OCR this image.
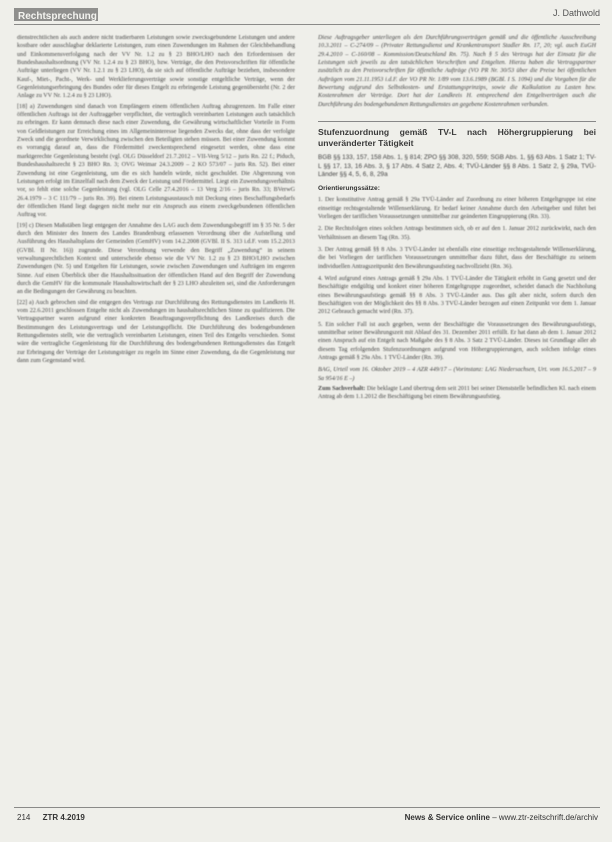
Rechtsprechung	J. Dathwold

dienstrechtlichen als auch andere nicht tradierbaren Leistungen sowie zwecksgebundene Leistungen und andere kostbare oder ausschlagbar deklarierte Leistungen, zum einen Zuwendungen im Rahmen der Gleichbehandlung und Einkommensverfolgung nach der VV Nr. 1.2 zu § 23 BHO/LHO nach den Erfordernissen der Bundeshaushaltsordnung (VV Nr. 1.2.4 zu § 23 BHO), bzw. Verträge, die den Preisvorschriften für öffentliche Aufträge unterliegen (VV Nr. 1.2.1 zu § 23 LHO), da sie sich auf öffentliche Aufträge beziehen, insbesondere Kauf-, Miet-, Pacht-, Werk- und Werklieferungsverträge sowie sonstige entgeltliche Verträge, wenn der Gegenleistungserbringung des Bundes oder für dieses Entgelt zu erbringende Leistung gegenübersteht (Nr. 2 der Anlage zu VV Nr. 1.2.4 zu § 23 LHO).

[18] a) Zuwendungen sind danach von Empfängern einem öffentlichen Auftrag abzugrenzen. Im Falle einer öffentlichen Auftrags ist der Auftraggeber verpflichtet, die vertraglich vereinbarten Leistungen auch tatsächlich zu erbringen. Er kann demnach diese nach einer Zuwendung, die Gewährung wirtschaftlicher Vorteile in Form von Geldleistungen zur Erreichung eines im Allgemeininteresse liegenden Zwecks dar, ohne dass der verfolgte Zweck und die geordnete Verwirklichung zwischen den Beteiligten stehen müssen. Bei einer Zuwendung kommt es vorrangig darauf an, dass die Fördermittel zweckentsprechend eingesetzt werden, ohne dass eine marktgerechte Gegenleistung besteht (vgl. OLG Düsseldorf 21.7.2012 – VII-Verg 5/12 – juris Rn. 22 f.; Piduch, Bundeshaushaltsrecht § 23 BHO Rn. 3; OVG Weimar 24.3.2009 – 2 KO 573/07 – juris Rn. 52). Bei einer Zuwendung ist eine Gegenleistung, um die es sich handeln würde, nicht geschuldet. Die Abgrenzung von Leistungen erfolgt im Einzelfall nach dem Zweck der Leistung und Fördermittel. Liegt ein Zuwendungsverhältnis vor, so fehlt eine solche Gegenleistung (vgl. OLG Celle 27.4.2016 – 13 Verg 2/16 – juris Rn. 33; BVerwG 26.4.1979 – 3 C 111/79 – juris Rn. 39). Bei einem Leistungsaustausch mit Deckung eines Beschaffungsbedarfs der öffentlichen Hand liegt dagegen nicht mehr nur ein Anspruch aus einem zweckgebundenen öffentlichen Auftrag vor.

[19] c) Diesen Maßstäben liegt entgegen der Annahme des LAG auch dem Zuwendungsbegriff im § 35 Nr. 5 der durch den Minister des Innern des Landes Brandenburg erlassenen Verordnung über die Aufstellung und Ausführung des Haushaltsplans der Gemeinden (GemHV) vom 14.2.2008 (GVBl. II S. 313 i.d.F. vom 15.2.2013 (GVBl. II Nr. 16)) zugrunde. Diese Verordnung verwende den Begriff „Zuwendung“ in seinem verwaltungsrechtlichen Kontext und unterscheide ebenso wie die VV Nr. 1.2 zu § 23 BHO/LHO zwischen Zuwendungen (Nr. 5) und Entgelten für Leistungen, sowie zwischen Zuwendungen und Aufträgen im engeren Sinne. Auf einen Überblick über die Haushaltssituation der öffentlichen Hand auf den Begriff der Zuwendung durch die GemHV für die kommunale Haushaltswirtschaft der § 23 LHO abzuleiten sei, sind die Anforderungen an die Bedingungen der Gewährung zu beachten.

[22] a) Auch gebrochen sind die entgegen des Vertrags zur Durchführung des Rettungsdienstes im Landkreis H. vom 22.6.2011 geschlossen Entgelte nicht als Zuwendungen im haushaltsrechtlichen Sinne zu qualifizieren. Die Vertragspartner waren aufgrund einer konkreten Beauftragungsverpflichtung des Landkreises durch die Bestimmungen des Leistungsvertrags und der Leistungspflicht. Die Durchführung des bodengebundenen Rettungsdienstes stellt, wie die vertraglich vereinbarten Leistungen, einen Teil des Entgelts verschieden. Sonst wäre die vertragliche Gegenleistung für die Durchführung des bodengebundenen Rettungsdienstes das Entgelt zur Erbringung der Verträge der Leistungsträger zu regeln im Sinne einer Zuwendung, da die Gegenleistung nur dann zum Gegenstand wird.

Diese Auftragsgeber unterliegen als den Durchführungsverträgen gemäß und die öffentliche Ausschreibung 10.3.2011 – C-274/09 – (Privater Rettungsdienst und Krankentransport Stadler Rn. 17, 20; vgl. auch EuGH 29.4.2010 – C-160/08 – Kommission/Deutschland Rn. 75). Nach § 5 des Vertrags hat der Einsatz für die Leistungen sich jeweils zu den tatsächlichen Vorschriften und Entgelten. Hierzu haben die Vertragspartner zusätzlich zu den Preisvorschriften für öffentliche Aufträge (VO PR Nr. 30/53 über die Preise bei öffentlichen Aufträgen vom 21.11.1953 i.d.F. der VO PR Nr. 1/89 vom 13.6.1989 (BGBl. I S. 1094) und die Vorgaben für die Bewertung aufgrund des Selbstkosten- und Erstattungsprinzips, sowie die Kalkulation zu Lasten bzw. Kostenrahmen der Verträge. Dort hat der Landkreis H. entsprechend den Entgeltverträgen auch die Durchführung des bodengebundenen Rettungsdienstes an gegebene Kostenrahmen verbunden.

Stufenzuordnung gemäß TV-L nach Höhergruppierung bei unveränderter Tätigkeit
BGB §§ 133, 157, 158 Abs. 1, § 814; ZPO §§ 308, 320, 559; SGB Abs. 1, §§ 63 Abs. 1 Satz 1; TV-L §§ 17, 13, 16 Abs. 3, § 17 Abs. 4 Satz 2, Abs. 4; TVÜ-Länder §§ 8 Abs. 1 Satz 2, § 29a, TVÜ-Länder §§ 4, 5, 6, 8, 29a
Orientierungssätze:

1. Der konstitutive Antrag gemäß § 29a TVÜ-Länder auf Zuordnung zu einer höheren Entgeltgruppe ist eine einseitige rechtsgestaltende Willenserklärung. Er bedarf keiner Annahme durch den Arbeitgeber und führt bei Vorliegen der tariflichen Voraussetzungen unmittelbar zur geänderten Eingruppierung (Rn. 33).

2. Die Rechtsfolgen eines solchen Antrags bestimmen sich, ob er auf den 1. Januar 2012 zurückwirkt, nach den Verhältnissen an diesem Tag (Rn. 35).

3. Der Antrag gemäß §§ 8 Abs. 3 TVÜ-Länder ist ebenfalls eine einseitige rechtsgestaltende Willenserklärung, die bei Vorliegen der tariflichen Voraussetzungen unmittelbar dazu führt, dass der Beschäftigte zu seinem individuellen Antragszeitpunkt den Bewährungsaufstieg nachvollzieht (Rn. 36).

4. Wird aufgrund eines Antrags gemäß § 29a Abs. 1 TVÜ-Länder die Tätigkeit erhöht in Gang gesetzt und der Beschäftigte endgültig und konkret einer höheren Entgeltgruppe zugeordnet, scheidet danach die Nachholung eines Bewährungsaufstiegs gemäß §§ 8 Abs. 3 TVÜ-Länder aus. Das gilt aber nicht, sofern durch den Beschäftigten von der Möglichkeit des §§ 8 Abs. 3 TVÜ-Länder bezogen auf einen Zeitpunkt vor dem 1. Januar 2012 Gebrauch gemacht wird (Rn. 37).

5. Ein solcher Fall ist auch gegeben, wenn der Beschäftigte die Voraussetzungen des Bewährungsaufstiegs, unmittelbar seiner Bewährungszeit mit Ablauf des 31. Dezember 2011 erfüllt. Er hat dann ab dem 1. Januar 2012 einen Anspruch auf ein Entgelt nach Maßgabe des § 8 Abs. 3 Satz 2 TVÜ-Länder. Dieses ist Grundlage aller ab diesem Tag erfolgenden Stufenzuordnungen aufgrund von Höhergruppierungen, auch solchen infolge eines Antrags gemäß § 29a Abs. 1 TVÜ-Länder (Rn. 39).

BAG, Urteil vom 16. Oktober 2019 – 4 AZR 449/17 – (Vorinstanz: LAG Niedersachsen, Urt. vom 16.5.2017 – 9 Sa 954/16 E –)

Zum Sachverhalt: Die beklagte Land übertrug dem seit 2011 bei seiner Dienststelle befindlichen Kl. nach einem Antrag ab dem 1.1.2012 die Beschäftigung bei einem Bewährungsaufstieg.

214 ZTR 4.2019	News & Service online – www.ztr-zeitschrift.de/archiv
